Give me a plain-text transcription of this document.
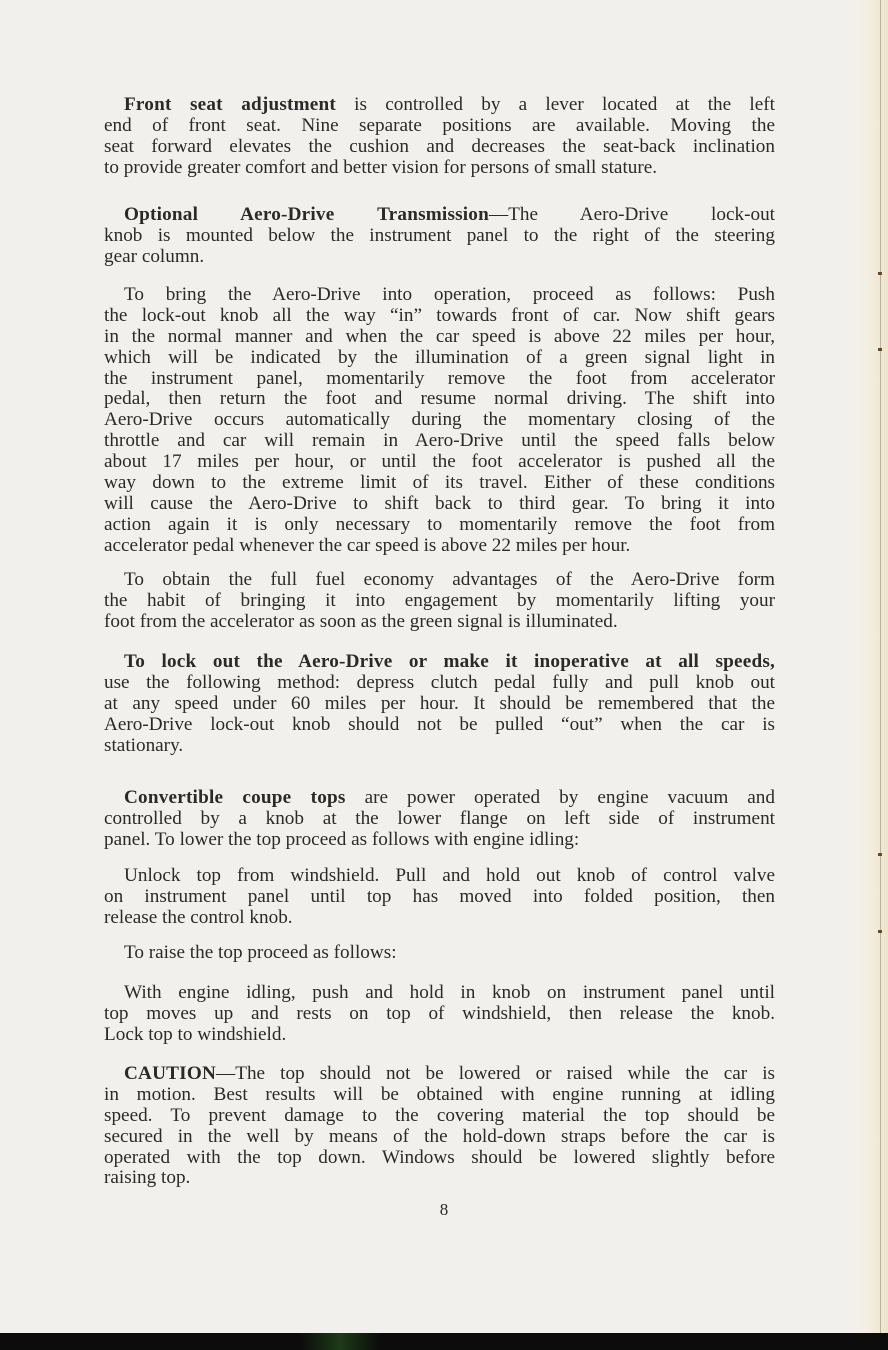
Front seat adjustment is controlled by a lever located at the left
end of front seat. Nine separate positions are available. Moving the
seat forward elevates the cushion and decreases the seat-back inclination
to provide greater comfort and better vision for persons of small stature.
Optional Aero-Drive Transmission—The Aero-Drive lock-out
knob is mounted below the instrument panel to the right of the steering
gear column.
To bring the Aero-Drive into operation, proceed as follows: Push
the lock-out knob all the way “in” towards front of car. Now shift gears
in the normal manner and when the car speed is above 22 miles per hour,
which will be indicated by the illumination of a green signal light in
the instrument panel, momentarily remove the foot from accelerator
pedal, then return the foot and resume normal driving. The shift into
Aero-Drive occurs automatically during the momentary closing of the
throttle and car will remain in Aero-Drive until the speed falls below
about 17 miles per hour, or until the foot accelerator is pushed all the
way down to the extreme limit of its travel. Either of these conditions
will cause the Aero-Drive to shift back to third gear. To bring it into
action again it is only necessary to momentarily remove the foot from
accelerator pedal whenever the car speed is above 22 miles per hour.
To obtain the full fuel economy advantages of the Aero-Drive form
the habit of bringing it into engagement by momentarily lifting your
foot from the accelerator as soon as the green signal is illuminated.
To lock out the Aero-Drive or make it inoperative at all speeds,
use the following method: depress clutch pedal fully and pull knob out
at any speed under 60 miles per hour. It should be remembered that the
Aero-Drive lock-out knob should not be pulled “out” when the car is
stationary.
Convertible coupe tops are power operated by engine vacuum and
controlled by a knob at the lower flange on left side of instrument
panel. To lower the top proceed as follows with engine idling:
Unlock top from windshield. Pull and hold out knob of control valve
on instrument panel until top has moved into folded position, then
release the control knob.
To raise the top proceed as follows:
With engine idling, push and hold in knob on instrument panel until
top moves up and rests on top of windshield, then release the knob.
Lock top to windshield.
CAUTION—The top should not be lowered or raised while the car is
in motion. Best results will be obtained with engine running at idling
speed. To prevent damage to the covering material the top should be
secured in the well by means of the hold-down straps before the car is
operated with the top down. Windows should be lowered slightly before
raising top.
8
